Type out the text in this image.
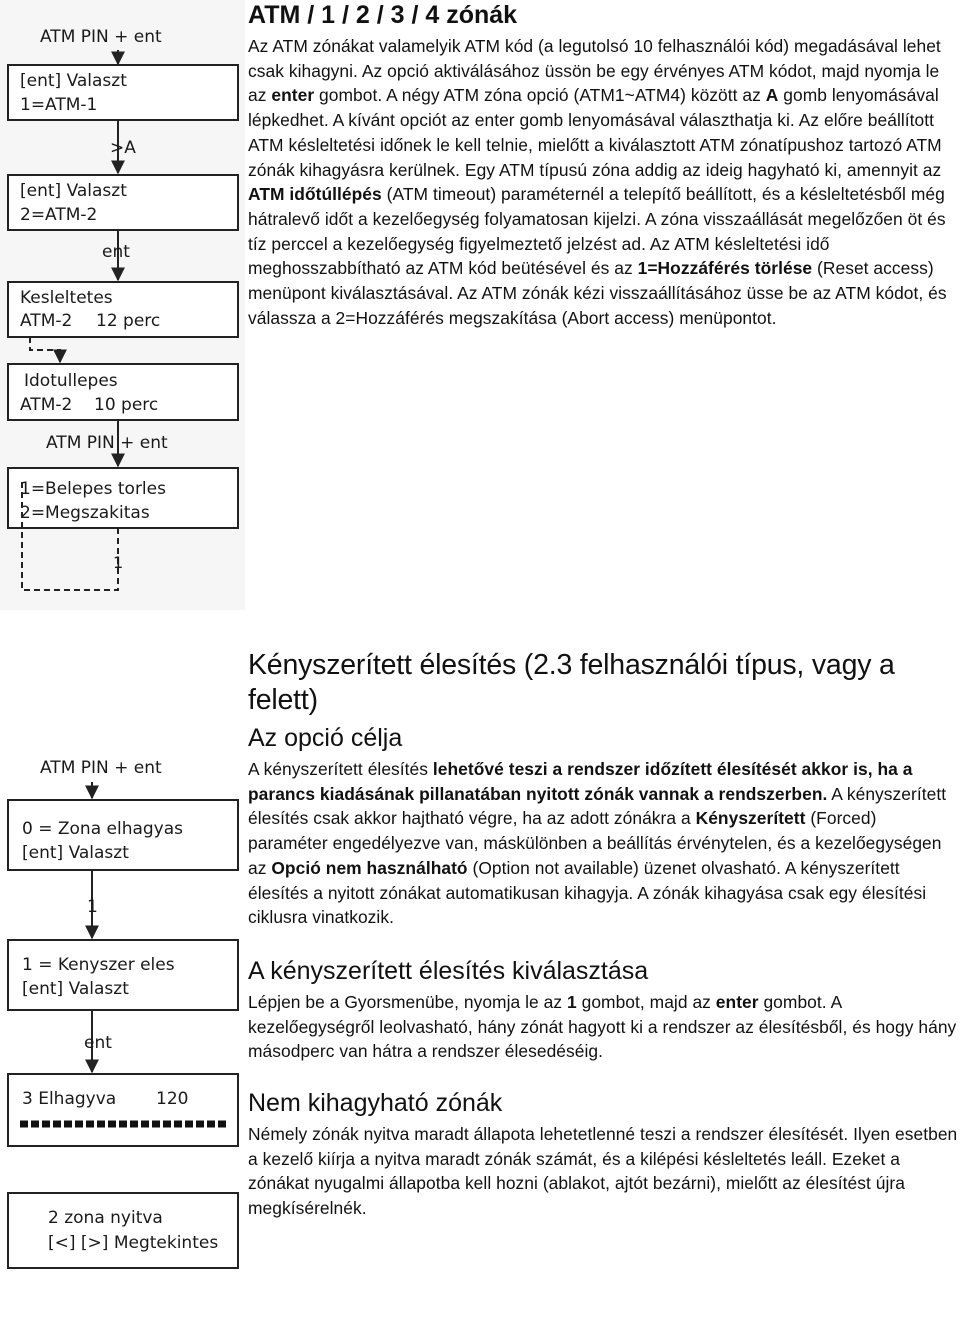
ATM PIN + ent
[ent] Valaszt
1=ATM-1
>A
[ent] Valaszt
2=ATM-2
ent
Kesleltetes
ATM-2 12 perc
Idotullepes
ATM-2 10 perc
ATM PIN + ent
1=Belepes torles
2=Megszakitas
1
ATM PIN + ent
0 = Zona elhagyas
[ent] Valaszt
1
1 = Kenyszer eles
[ent] Valaszt
ent
3 Elhagyva 120
2 zona nyitva
[<] [>] Megtekintes
ATM / 1 / 2 / 3 / 4 zónák

Az ATM zónákat valamelyik ATM kód (a legutolsó 10 felhasználói kód) megadásával lehet csak kihagyni. Az opció aktiválásához üssön be egy érvényes ATM kódot, majd nyomja le az enter gombot. A négy ATM zóna opció (ATM1~ATM4) között az A gomb lenyomásával lépkedhet. A kívánt opciót az enter gomb lenyomásával választhatja ki. Az előre beállított ATM késleltetési időnek le kell telnie, mielőtt a kiválasztott ATM zónatípushoz tartozó ATM zónák kihagyásra kerülnek. Egy ATM típusú zóna addig az ideig hagyható ki, amennyit az ATM időtúllépés (ATM timeout) paraméternél a telepítő beállított, és a késleltetésből még hátralevő időt a kezelőegység folyamatosan kijelzi. A zóna visszaállását megelőzően öt és tíz perccel a kezelőegység figyelmeztető jelzést ad. Az ATM késleltetési idő meghosszabbítható az ATM kód beütésével és az 1=Hozzáférés törlése (Reset access) menüpont kiválasztásával. Az ATM zónák kézi visszaállításához üsse be az ATM kódot, és válassza a 2=Hozzáférés megszakítása (Abort access) menüpontot.

Kényszerített élesítés (2.3 felhasználói típus, vagy a felett)
Az opció célja

A kényszerített élesítés lehetővé teszi a rendszer időzített élesítését akkor is, ha a parancs kiadásának pillanatában nyitott zónák vannak a rendszerben. A kényszerített élesítés csak akkor hajtható végre, ha az adott zónákra a Kényszerített (Forced) paraméter engedélyezve van, máskülönben a beállítás érvénytelen, és a kezelőegységen az Opció nem használható (Option not available) üzenet olvasható. A kényszerített élesítés a nyitott zónákat automatikusan kihagyja. A zónák kihagyása csak egy élesítési ciklusra vinatkozik.

A kényszerített élesítés kiválasztása

Lépjen be a Gyorsmenübe, nyomja le az 1 gombot, majd az enter gombot. A kezelőegységről leolvasható, hány zónát hagyott ki a rendszer az élesítésből, és hogy hány másodperc van hátra a rendszer élesedéséig.

Nem kihagyható zónák

Némely zónák nyitva maradt állapota lehetetlenné teszi a rendszer élesítését. Ilyen esetben a kezelő kiírja a nyitva maradt zónák számát, és a kilépési késleltetés leáll. Ezeket a zónákat nyugalmi állapotba kell hozni (ablakot, ajtót bezárni), mielőtt az élesítést újra megkísérelnék.
